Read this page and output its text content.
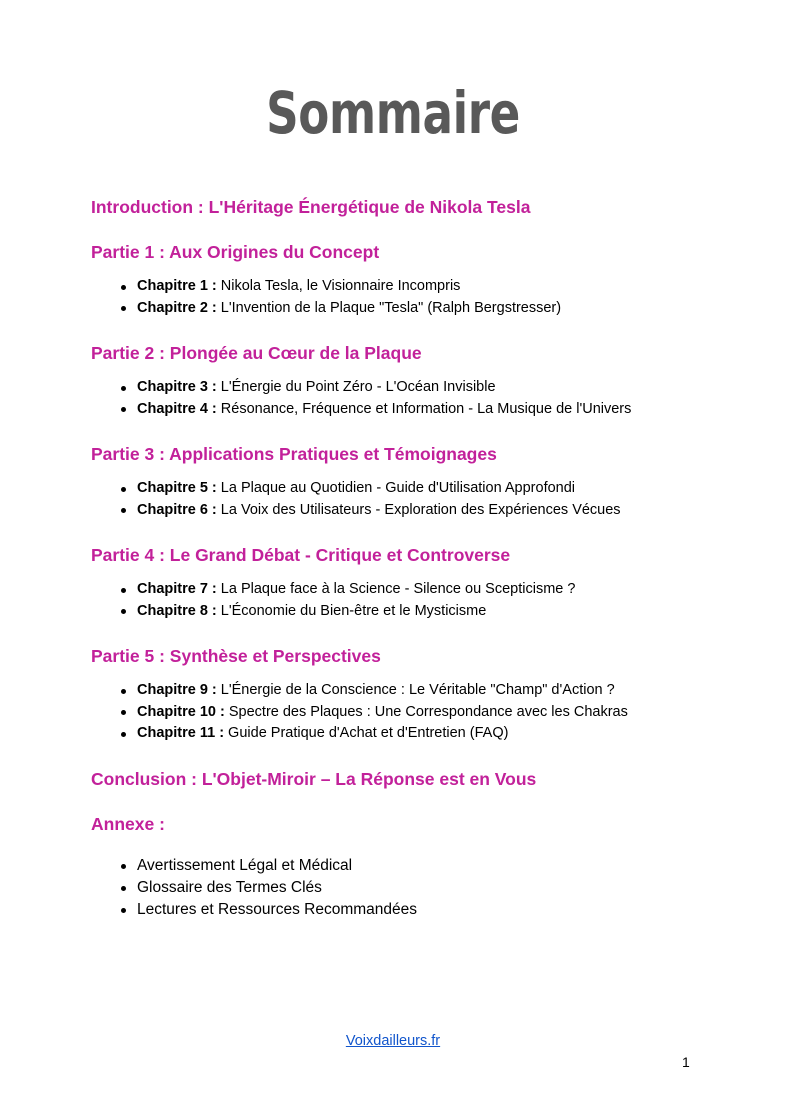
Sommaire
Introduction : L'Héritage Énergétique de Nikola Tesla
Partie 1 : Aux Origines du Concept
Chapitre 1 : Nikola Tesla, le Visionnaire Incompris
Chapitre 2 : L'Invention de la Plaque "Tesla" (Ralph Bergstresser)
Partie 2 : Plongée au Cœur de la Plaque
Chapitre 3 : L'Énergie du Point Zéro - L'Océan Invisible
Chapitre 4 : Résonance, Fréquence et Information - La Musique de l'Univers
Partie 3 : Applications Pratiques et Témoignages
Chapitre 5 : La Plaque au Quotidien - Guide d'Utilisation Approfondi
Chapitre 6 : La Voix des Utilisateurs - Exploration des Expériences Vécues
Partie 4 : Le Grand Débat - Critique et Controverse
Chapitre 7 : La Plaque face à la Science - Silence ou Scepticisme ?
Chapitre 8 : L'Économie du Bien-être et le Mysticisme
Partie 5 : Synthèse et Perspectives
Chapitre 9 : L'Énergie de la Conscience : Le Véritable "Champ" d'Action ?
Chapitre 10 : Spectre des Plaques : Une Correspondance avec les Chakras
Chapitre 11 : Guide Pratique d'Achat et d'Entretien (FAQ)
Conclusion : L'Objet-Miroir – La Réponse est en Vous
Annexe :
Avertissement Légal et Médical
Glossaire des Termes Clés
Lectures et Ressources Recommandées
Voixdailleurs.fr
1
